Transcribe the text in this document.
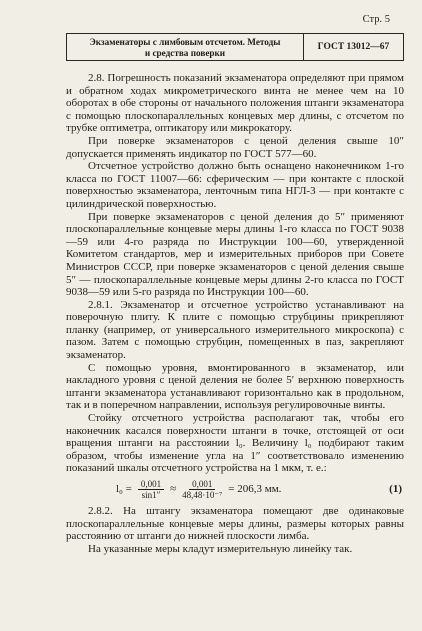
Стр. 5
Экзаменаторы с лимбовым отсчетом. Методы
и средства поверки
ГОСТ 13012—67

2.8. Погрешность показаний экзаменатора определяют при прямом и обратном ходах микрометрического винта не менее чем на 10 оборотах в обе стороны от начального положения штанги экзаменатора с помощью плоскопараллельных концевых мер длины, с отсчетом по трубке оптиметра, оптикатору или микрокатору.

При поверке экзаменаторов с ценой деления свыше 10″ допускается применять индикатор по ГОСТ 577—60.

Отсчетное устройство должно быть оснащено наконечником 1-го класса по ГОСТ 11007—66: сферическим — при контакте с плоской поверхностью экзаменатора, ленточным типа НГЛ-3 — при контакте с цилиндрической поверхностью.

При поверке экзаменаторов с ценой деления до 5″ применяют плоскопараллельные концевые меры длины 1-го класса по ГОСТ 9038—59 или 4-го разряда по Инструкции 100—60, утвержденной Комитетом стандартов, мер и измерительных приборов при Совете Министров СССР, при поверке экзаменаторов с ценой деления свыше 5″ — плоскопараллельные концевые меры длины 2-го класса по ГОСТ 9038—59 или 5-го разряда по Инструкции 100—60.

2.8.1. Экзаменатор и отсчетное устройство устанавливают на поверочную плиту. К плите с помощью струбцины прикрепляют планку (например, от универсального измерительного микроскопа) с пазом. Затем с помощью струбцин, помещенных в паз, закрепляют экзаменатор.

С помощью уровня, вмонтированного в экзаменатор, или накладного уровня с ценой деления не более 5′ верхнюю поверхность штанги экзаменатора устанавливают горизонтально как в продольном, так и в поперечном направлении, используя регулировочные винты.

Стойку отсчетного устройства располагают так, чтобы его наконечник касался поверхности штанги в точке, отстоящей от оси вращения штанги на расстоянии l₀. Величину l₀ подбирают таким образом, чтобы изменение угла на 1″ соответствовало изменению показаний шкалы отсчетного устройства на 1 мкм, т. е.:

$l_0 = \frac{0,001}{\sin 1''} \approx \frac{0,001}{\text{48,48·10⁻⁷}} = 206,3$ мм.	(1)

2.8.2. На штангу экзаменатора помещают две одинаковые плоскопараллельные концевые меры длины, размеры которых равны расстоянию от штанги до нижней плоскости лимба.

На указанные меры кладут измерительную линейку так.
